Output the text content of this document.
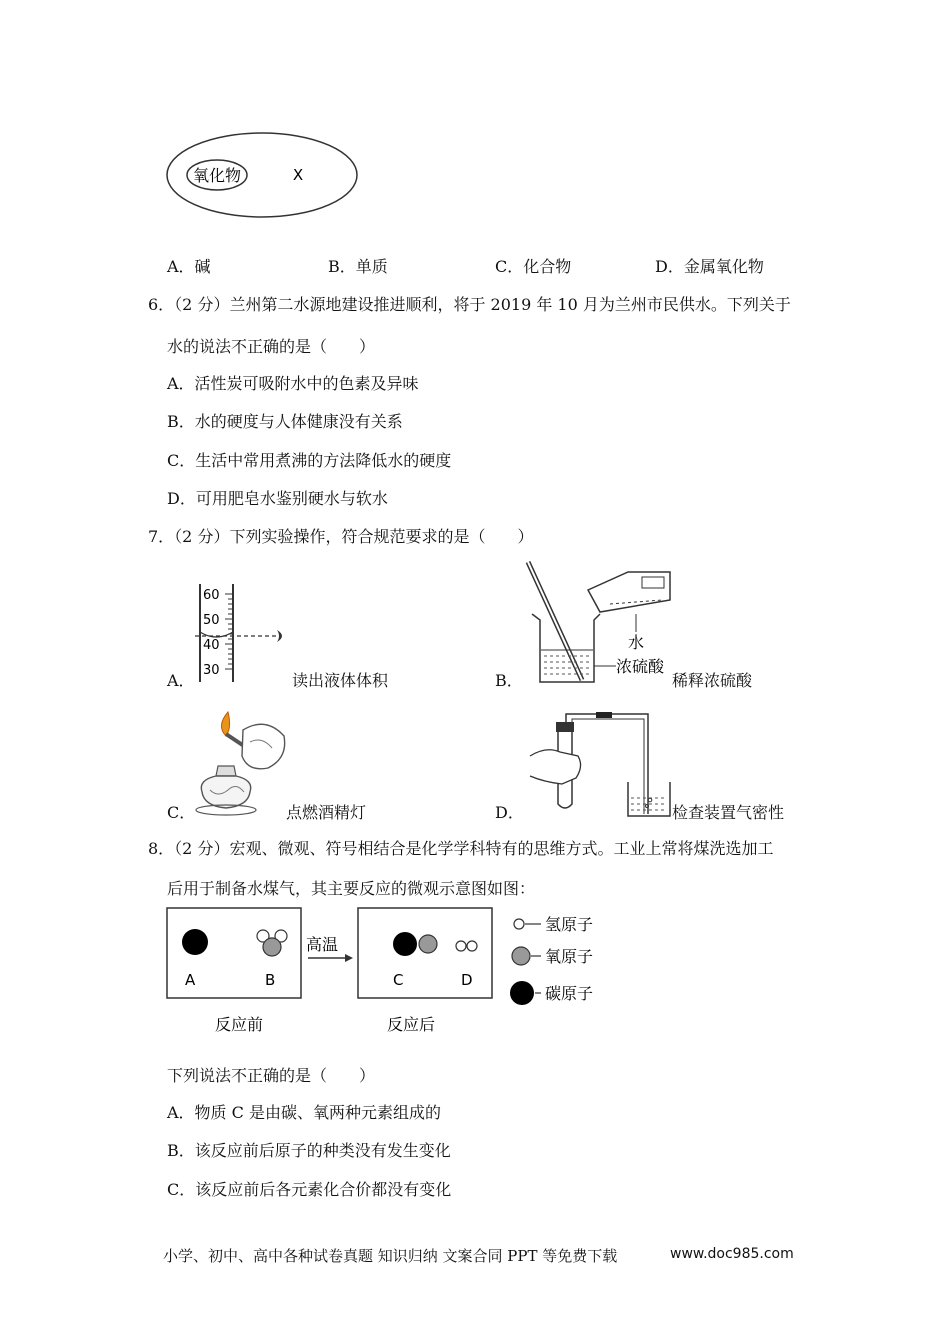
氧化物	X
A．碱	B．单质	C．化合物	D．金属氧化物
6．（2 分）兰州第二水源地建设推进顺利，将于 2019 年 10 月为兰州市民供水。下列关于
水的说法不正确的是（　　）
A．活性炭可吸附水中的色素及异味
B．水的硬度与人体健康没有关系
C．生活中常用煮沸的方法降低水的硬度
D．可用肥皂水鉴别硬水与软水
7．（2 分）下列实验操作，符合规范要求的是（　　）
A．
60
50
40
30
读出液体体积	B．
水
浓硫酸
稀释浓硫酸
C．	点燃酒精灯	D．	检查装置气密性
8．（2 分）宏观、微观、符号相结合是化学学科特有的思维方式。工业上常将煤洗选加工
后用于制备水煤气，其主要反应的微观示意图如图：
A	B
高温
C	D
氢原子
氧原子
碳原子
反应前	反应后
下列说法不正确的是（　　）
A．物质 C 是由碳、氧两种元素组成的
B．该反应前后原子的种类没有发生变化
C．该反应前后各元素化合价都没有变化
小学、初中、高中各种试卷真题 知识归纳 文案合同 PPT 等免费下载	www.doc985.com
